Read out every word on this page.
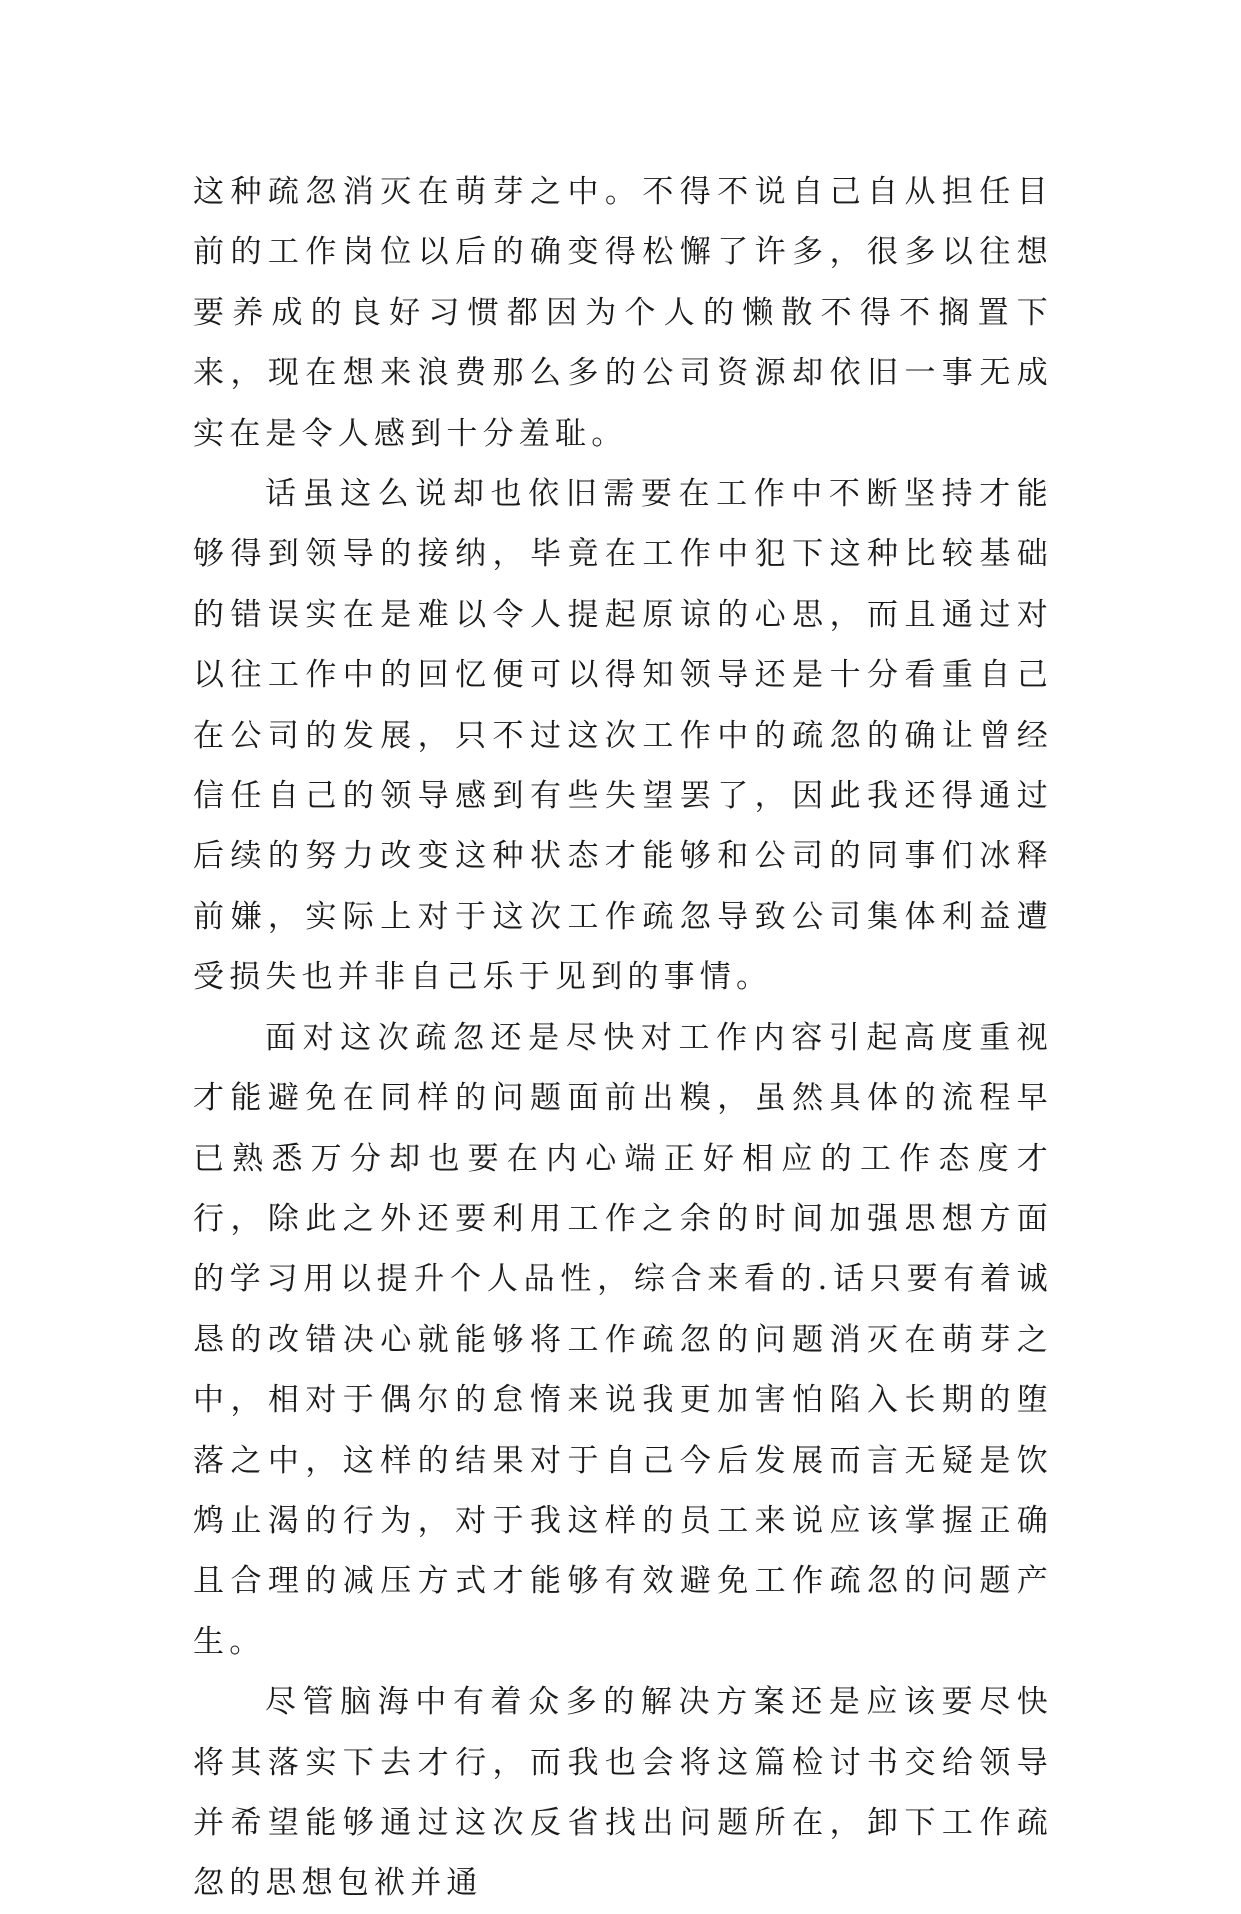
这种疏忽消灭在萌芽之中。不得不说自己自从担任目前的工作岗位以后的确变得松懈了许多，很多以往想要养成的良好习惯都因为个人的懒散不得不搁置下来，现在想来浪费那么多的公司资源却依旧一事无成实在是令人感到十分羞耻。

话虽这么说却也依旧需要在工作中不断坚持才能够得到领导的接纳，毕竟在工作中犯下这种比较基础的错误实在是难以令人提起原谅的心思，而且通过对以往工作中的回忆便可以得知领导还是十分看重自己在公司的发展，只不过这次工作中的疏忽的确让曾经信任自己的领导感到有些失望罢了，因此我还得通过后续的努力改变这种状态才能够和公司的同事们冰释前嫌，实际上对于这次工作疏忽导致公司集体利益遭受损失也并非自己乐于见到的事情。

面对这次疏忽还是尽快对工作内容引起高度重视才能避免在同样的问题面前出糗，虽然具体的流程早已熟悉万分却也要在内心端正好相应的工作态度才行，除此之外还要利用工作之余的时间加强思想方面的学习用以提升个人品性，综合来看的.话只要有着诚恳的改错决心就能够将工作疏忽的问题消灭在萌芽之中，相对于偶尔的怠惰来说我更加害怕陷入长期的堕落之中，这样的结果对于自己今后发展而言无疑是饮鸩止渴的行为，对于我这样的员工来说应该掌握正确且合理的减压方式才能够有效避免工作疏忽的问题产生。

尽管脑海中有着众多的解决方案还是应该要尽快将其落实下去才行，而我也会将这篇检讨书交给领导并希望能够通过这次反省找出问题所在，卸下工作疏忽的思想包袱并通
